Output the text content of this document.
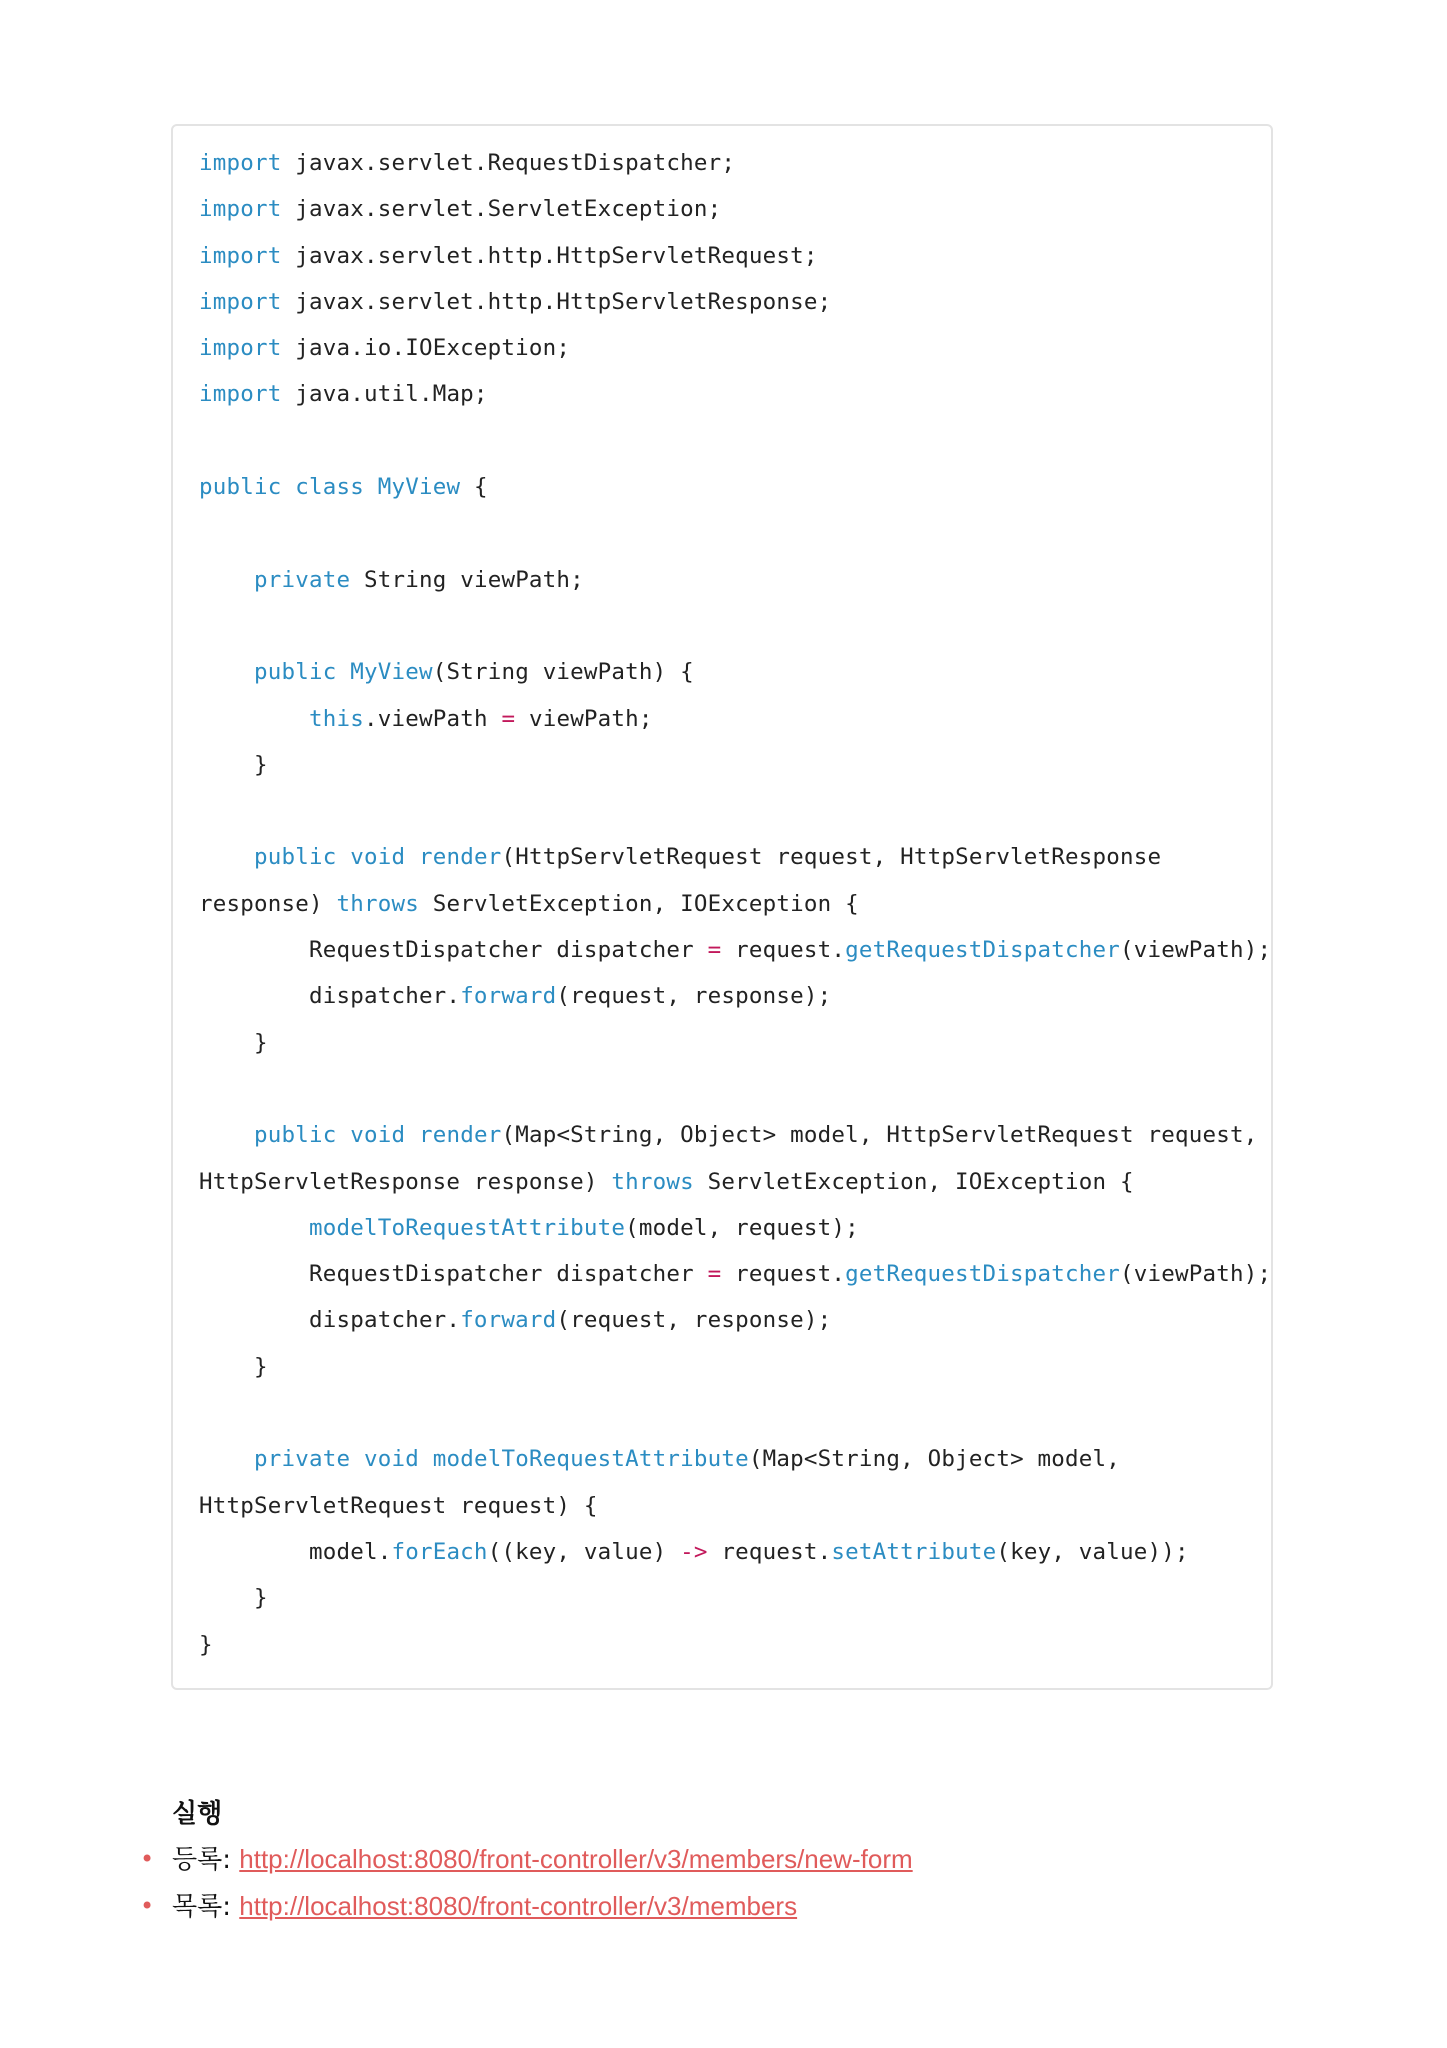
import javax.servlet.RequestDispatcher;
import javax.servlet.ServletException;
import javax.servlet.http.HttpServletRequest;
import javax.servlet.http.HttpServletResponse;
import java.io.IOException;
import java.util.Map;

public class MyView {

private String viewPath;

public MyView(String viewPath) {
this.viewPath = viewPath;
}

public void render(HttpServletRequest request, HttpServletResponse
response) throws ServletException, IOException {
RequestDispatcher dispatcher = request.getRequestDispatcher(viewPath);
dispatcher.forward(request, response);
}

public void render(Map<String, Object> model, HttpServletRequest request,
HttpServletResponse response) throws ServletException, IOException {
modelToRequestAttribute(model, request);
RequestDispatcher dispatcher = request.getRequestDispatcher(viewPath);
dispatcher.forward(request, response);
}

private void modelToRequestAttribute(Map<String, Object> model,
HttpServletRequest request) {
model.forEach((key, value) -> request.setAttribute(key, value));
}
}
실행
• 등록: http://localhost:8080/front-controller/v3/members/new-form
• 목록: http://localhost:8080/front-controller/v3/members
